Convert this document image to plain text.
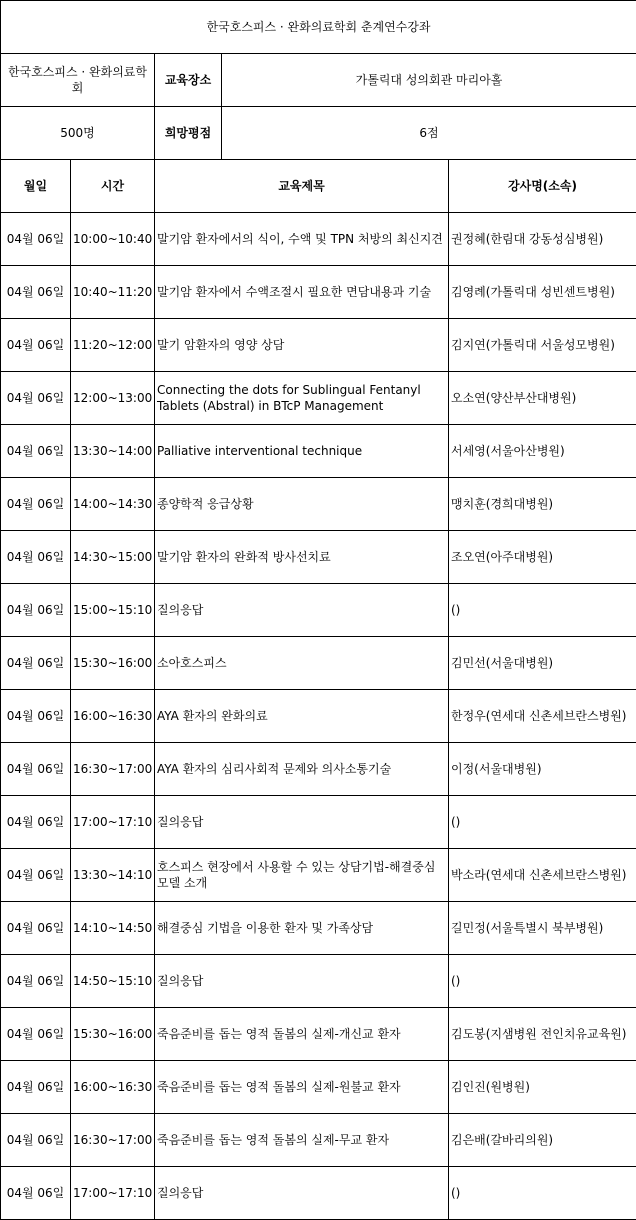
한국호스피스 · 완화의료학회 춘계연수강좌				
한국호스피스 · 완화의료학회		교육장소	가톨릭대 성의회관 마리아홀	
500명		희망평점	6점	
월일	시간	교육제목		강사명(소속)
04월 06일	10:00~10:40	말기암 환자에서의 식이, 수액 및 TPN 처방의 최신지견		권정혜(한림대 강동성심병원)
04월 06일	10:40~11:20	말기암 환자에서 수액조절시 필요한 면담내용과 기술		김영례(가톨릭대 성빈센트병원)
04월 06일	11:20~12:00	말기 암환자의 영양 상담		김지연(가톨릭대 서울성모병원)
04월 06일	12:00~13:00	Connecting the dots for Sublingual Fentanyl Tablets (Abstral) in BTcP Management		오소연(양산부산대병원)
04월 06일	13:30~14:00	Palliative interventional technique		서세영(서울아산병원)
04월 06일	14:00~14:30	종양학적 응급상황		맹치훈(경희대병원)
04월 06일	14:30~15:00	말기암 환자의 완화적 방사선치료		조오연(아주대병원)
04월 06일	15:00~15:10	질의응답		()
04월 06일	15:30~16:00	소아호스피스		김민선(서울대병원)
04월 06일	16:00~16:30	AYA 환자의 완화의료		한정우(연세대 신촌세브란스병원)
04월 06일	16:30~17:00	AYA 환자의 심리사회적 문제와 의사소통기술		이정(서울대병원)
04월 06일	17:00~17:10	질의응답		()
04월 06일	13:30~14:10	호스피스 현장에서 사용할 수 있는 상담기법-해결중심 모델 소개		박소라(연세대 신촌세브란스병원)
04월 06일	14:10~14:50	해결중심 기법을 이용한 환자 및 가족상담		길민정(서울특별시 북부병원)
04월 06일	14:50~15:10	질의응답		()
04월 06일	15:30~16:00	죽음준비를 돕는 영적 돌봄의 실제-개신교 환자		김도봉(지샘병원 전인치유교육원)
04월 06일	16:00~16:30	죽음준비를 돕는 영적 돌봄의 실제-원불교 환자		김인진(원병원)
04월 06일	16:30~17:00	죽음준비를 돕는 영적 돌봄의 실제-무교 환자		김은배(갈바리의원)
04월 06일	17:00~17:10	질의응답		()
